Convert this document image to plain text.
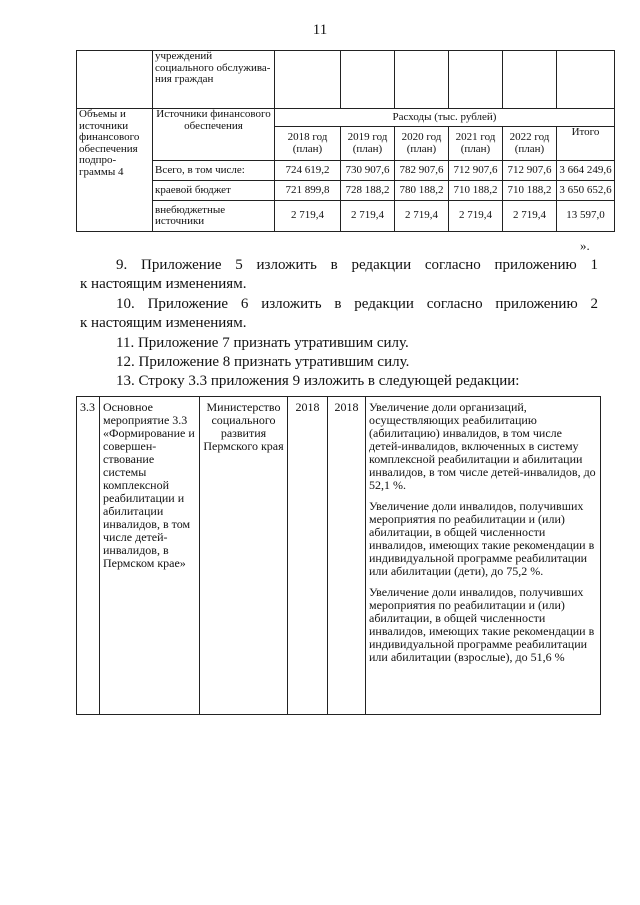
11
	учреждений социального обслужива-ния граждан						
Объемы и источники финансового обеспечения подпро-граммы 4	Источники финансового обеспечения	Расходы (тыс. рублей)					
		2018 год (план)	2019 год (план)	2020 год (план)	2021 год (план)	2022 год (план)	Итого
	Всего, в том числе:	724 619,2	730 907,6	782 907,6	712 907,6	712 907,6	3 664 249,6
	краевой бюджет	721 899,8	728 188,2	780 188,2	710 188,2	710 188,2	3 650 652,6
	внебюджетные источники	2 719,4	2 719,4	2 719,4	2 719,4	2 719,4	13 597,0
».
9. Приложение 5 изложить в редакции согласно приложению 1
к настоящим изменениям.
10. Приложение 6 изложить в редакции согласно приложению 2
к настоящим изменениям.
11. Приложение 7 признать утратившим силу.
12. Приложение 8 признать утратившим силу.
13. Строку 3.3 приложения 9 изложить в следующей редакции:
3.3	Основное мероприятие 3.3 «Формирование и совершен-ствование системы комплексной реабилитации и абилитации инвалидов, в том числе детей-инвалидов, в Пермском крае»	Министерство социального развития Пермского края	2018	2018	Увеличение доли организаций, осуществляющих реабилитацию (абилитацию) инвалидов, в том числе детей-инвалидов, включенных в систему комплексной реабилитации и абилитации инвалидов, в том числе детей-инвалидов, до 52,1 %.
Увеличение доли инвалидов, получивших мероприятия по реабилитации и (или) абилитации, в общей численности инвалидов, имеющих такие рекомендации в индивидуальной программе реабилитации или абилитации (дети), до 75,2 %.
Увеличение доли инвалидов, получивших мероприятия по реабилитации и (или) абилитации, в общей численности инвалидов, имеющих такие рекомендации в индивидуальной программе реабилитации или абилитации (взрослые), до 51,6 %
